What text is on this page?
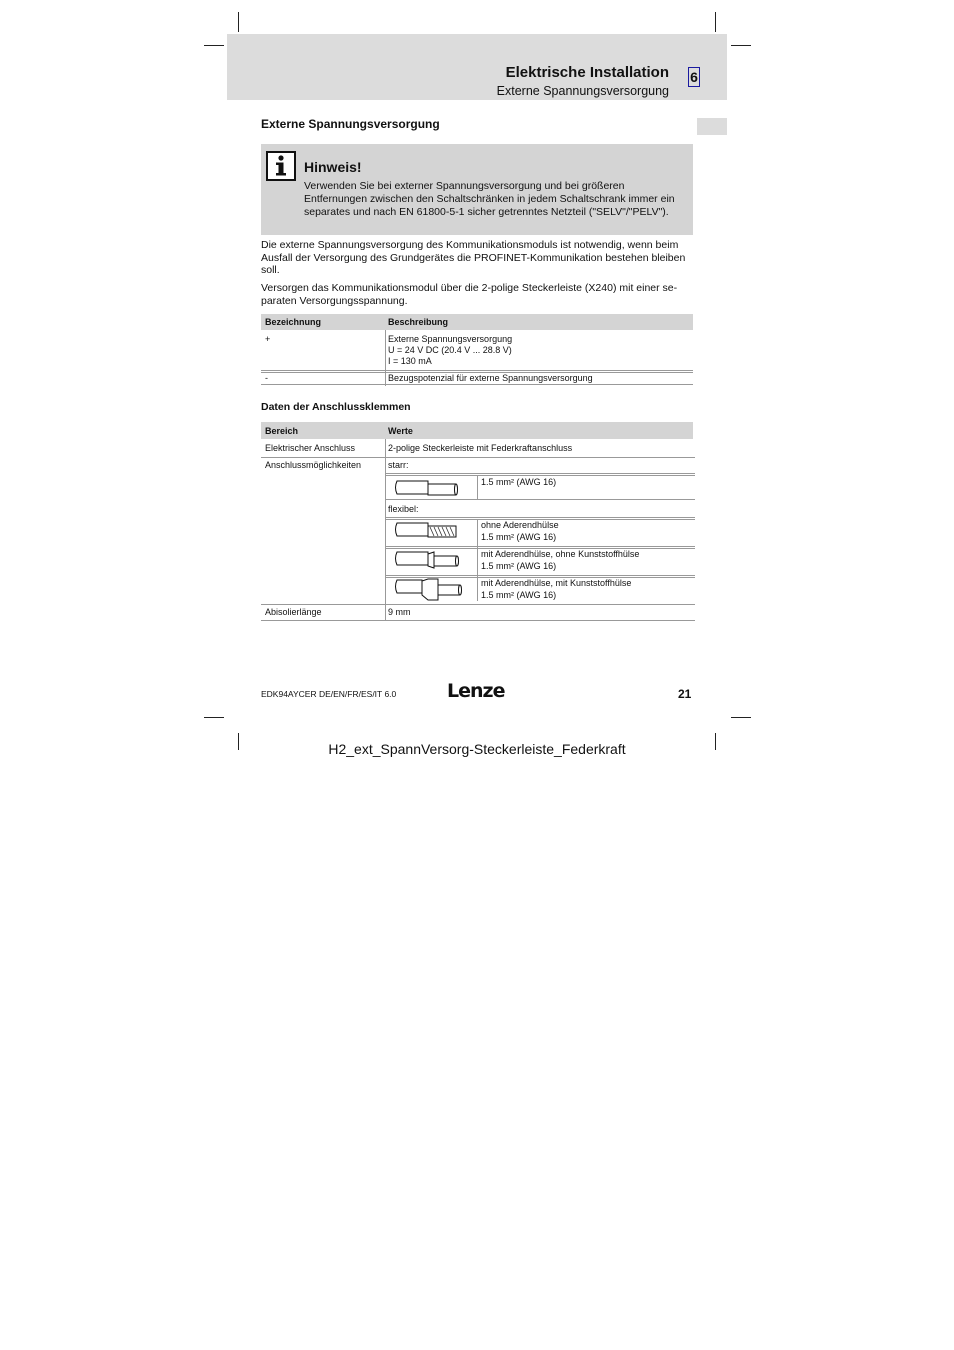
Elektrische Installation
Externe Spannungsversorgung
6
Externe Spannungsversorgung
Hinweis!
Verwenden Sie bei externer Spannungsversorgung und bei größeren Entfernungen zwischen den Schaltschränken in jedem Schaltschrank immer ein separates und nach EN 61800-5-1 sicher getrenntes Netzteil ("SELV"/"PELV").
Die externe Spannungsversorgung des Kommunikationsmoduls ist notwendig, wenn beim Ausfall der Versorgung des Grundgerätes die PROFINET-Kommunikation bestehen bleiben soll.
Versorgen das Kommunikationsmodul über die 2-polige Steckerleiste (X240) mit einer se-paraten Versorgungsspannung.
Bezeichnung	Beschreibung
+	Externe Spannungsversorgung
U = 24 V DC (20.4 V ... 28.8 V)
I = 130 mA
-	Bezugspotenzial für externe Spannungsversorgung
Daten der Anschlussklemmen
Bereich	Werte
Elektrischer Anschluss	2-polige Steckerleiste mit Federkraftanschluss
Anschlussmöglichkeiten	starr:
1.5 mm² (AWG 16)
flexibel:
ohne Aderendhülse
1.5 mm² (AWG 16)
mit Aderendhülse, ohne Kunststoffhülse
1.5 mm² (AWG 16)
mit Aderendhülse, mit Kunststoffhülse
1.5 mm² (AWG 16)
Abisolierlänge	9 mm
EDK94AYCER DE/EN/FR/ES/IT 6.0	Lenze	21
H2_ext_SpannVersorg-Steckerleiste_Federkraft
